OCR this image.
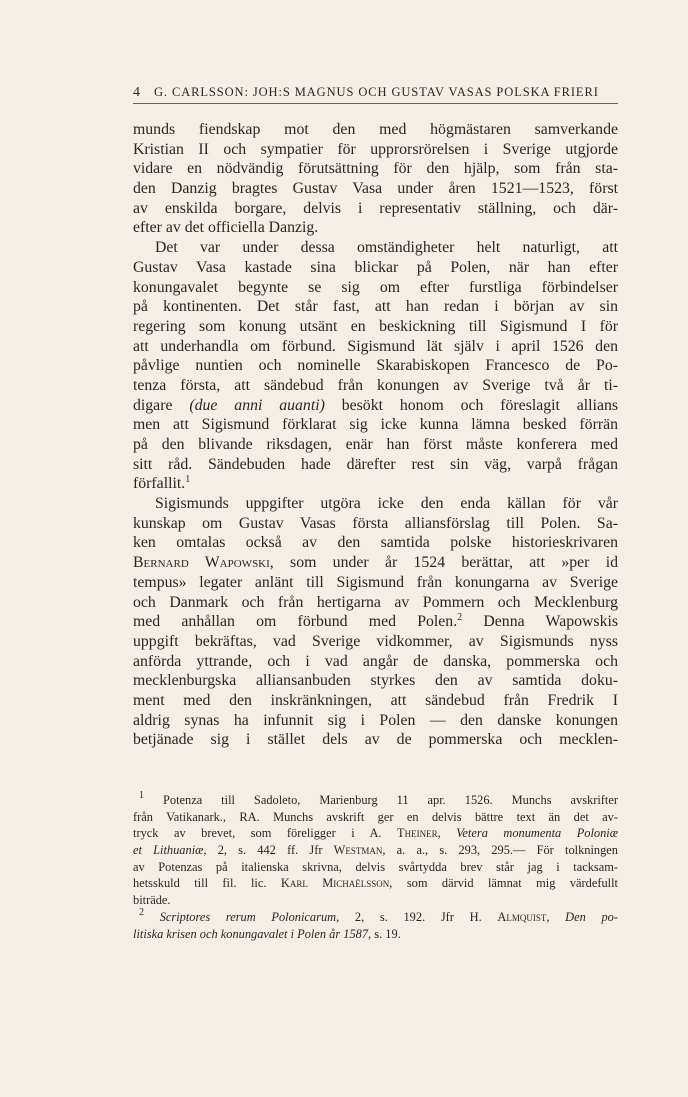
4 G. CARLSSON: JOH:S MAGNUS OCH GUSTAV VASAS POLSKA FRIERI
munds fiendskap mot den med högmästaren samverkande
Kristian II och sympatier för upprorsrörelsen i Sverige utgjorde
vidare en nödvändig förutsättning för den hjälp, som från sta-
den Danzig bragtes Gustav Vasa under åren 1521—1523, först
av enskilda borgare, delvis i representativ ställning, och där-
efter av det officiella Danzig.
Det var under dessa omständigheter helt naturligt, att
Gustav Vasa kastade sina blickar på Polen, när han efter
konungavalet begynte se sig om efter furstliga förbindelser
på kontinenten. Det står fast, att han redan i början av sin
regering som konung utsänt en beskickning till Sigismund I för
att underhandla om förbund. Sigismund lät själv i april 1526 den
påvlige nuntien och nominelle Skarabiskopen Francesco de Po-
tenza första, att sändebud från konungen av Sverige två år ti-
digare (due anni auanti) besökt honom och föreslagit allians
men att Sigismund förklarat sig icke kunna lämna besked förrän
på den blivande riksdagen, enär han först måste konferera med
sitt råd. Sändebuden hade därefter rest sin väg, varpå frågan
förfallit.$^1$
Sigismunds uppgifter utgöra icke den enda källan för vår
kunskap om Gustav Vasas första alliansförslag till Polen. Sa-
ken omtalas också av den samtida polske historieskrivaren
Bernard Wapowski, som under år 1524 berättar, att »per id
tempus» legater anlänt till Sigismund från konungarna av Sverige
och Danmark och från hertigarna av Pommern och Mecklenburg
med anhållan om förbund med Polen.$^2$ Denna Wapowskis
uppgift bekräftas, vad Sverige vidkommer, av Sigismunds nyss
anförda yttrande, och i vad angår de danska, pommerska och
mecklenburgska alliansanbuden styrkes den av samtida doku-
ment med den inskränkningen, att sändebud från Fredrik I
aldrig synas ha infunnit sig i Polen — den danske konungen
betjänade sig i stället dels av de pommerska och mecklen-
$^1$ Potenza till Sadoleto, Marienburg 11 apr. 1526. Munchs avskrifter
från Vatikanark., RA. Munchs avskrift ger en delvis bättre text än det av-
tryck av brevet, som föreligger i A. Theiner, Vetera monumenta Poloniæ
et Lithuaniæ, 2, s. 442 ff. Jfr Westman, a. a., s. 293, 295.— För tolkningen
av Potenzas på italienska skrivna, delvis svårtydda brev står jag i tacksam-
hetsskuld till fil. lic. Karl Michaëlsson, som därvid lämnat mig värdefullt
biträde.
$^2$ Scriptores rerum Polonicarum, 2, s. 192. Jfr H. Almquist, Den po-
litiska krisen och konungavalet i Polen år 1587, s. 19.
